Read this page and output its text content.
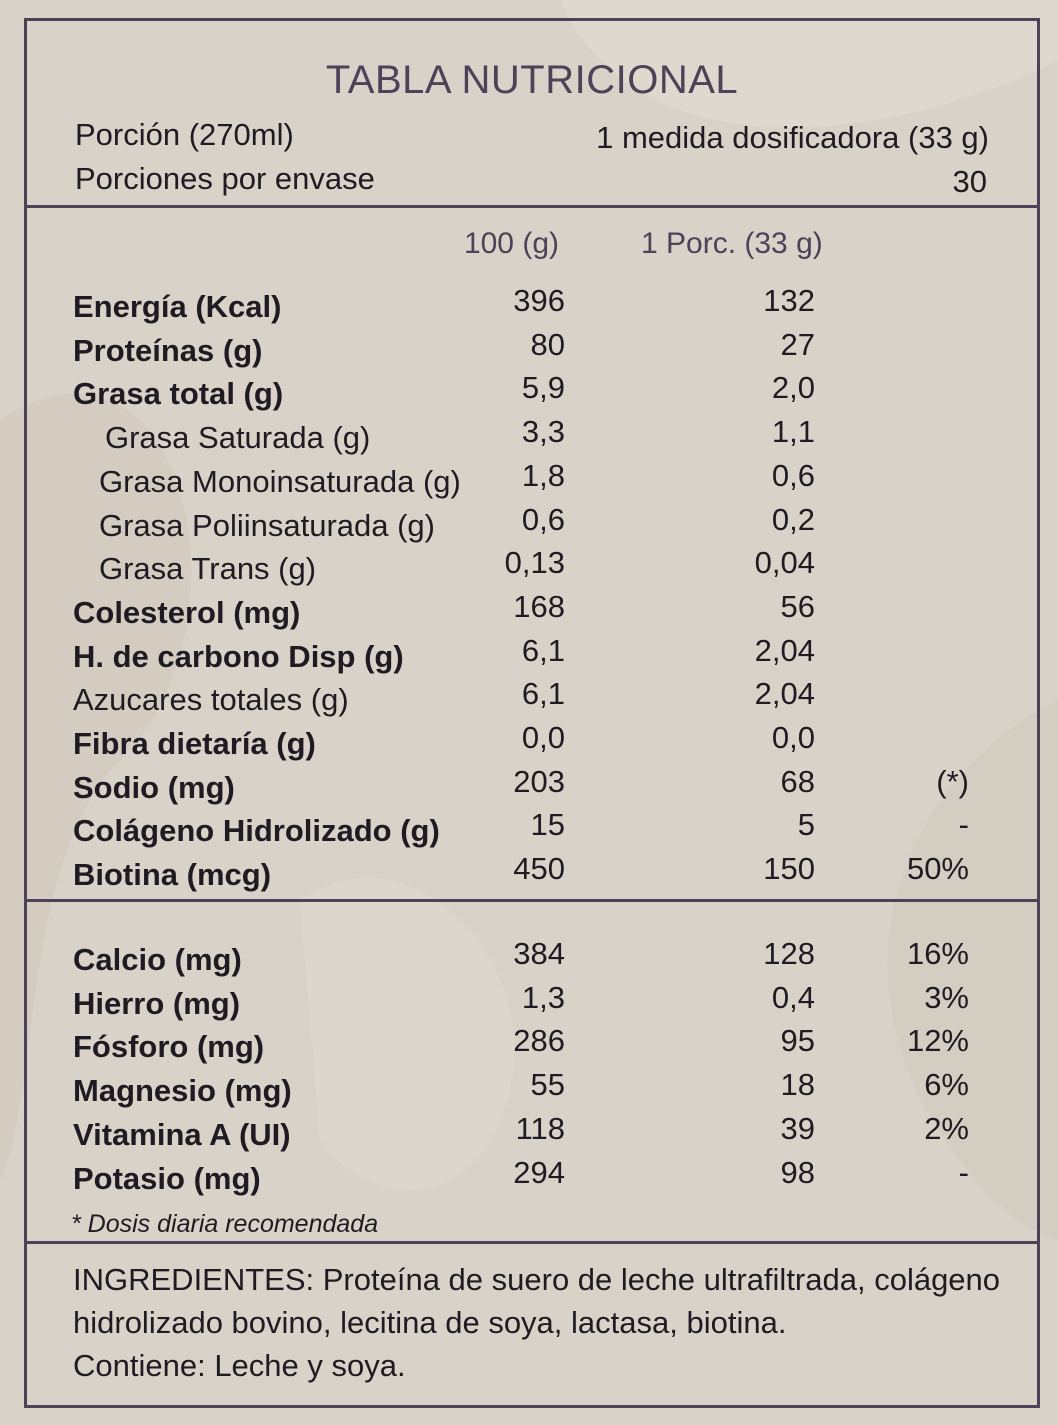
TABLA NUTRICIONAL
Porción (270ml)	1 medida dosificadora (33 g)
Porciones por envase	30
100 (g)	1 Porc. (33 g)
Energía (Kcal)	396	132
Proteínas (g)	80	27
Grasa total (g)	5,9	2,0
Grasa Saturada (g)	3,3	1,1
Grasa Monoinsaturada (g) 1,8	0,6
Grasa Poliinsaturada (g)	0,6	0,2
Grasa Trans (g)	0,13	0,04
Colesterol (mg)	168	56
H. de carbono Disp (g)	6,1	2,04
Azucares totales (g)	6,1	2,04
Fibra dietaría (g)	0,0	0,0
Sodio (mg)	203	68	(*)
Colágeno Hidrolizado (g)	15	5	-
Biotina (mcg)	450	150	50%
Calcio (mg)	384	128	16%
Hierro (mg)	1,3	0,4	3%
Fósforo (mg)	286	95	12%
Magnesio (mg)	55	18	6%
Vitamina A (UI)	118	39	2%
Potasio (mg)	294	98	-
* Dosis diaria recomendada
INGREDIENTES: Proteína de suero de leche ultrafiltrada, colágeno hidrolizado bovino, lecitina de soya, lactasa, biotina.
Contiene: Leche y soya.
